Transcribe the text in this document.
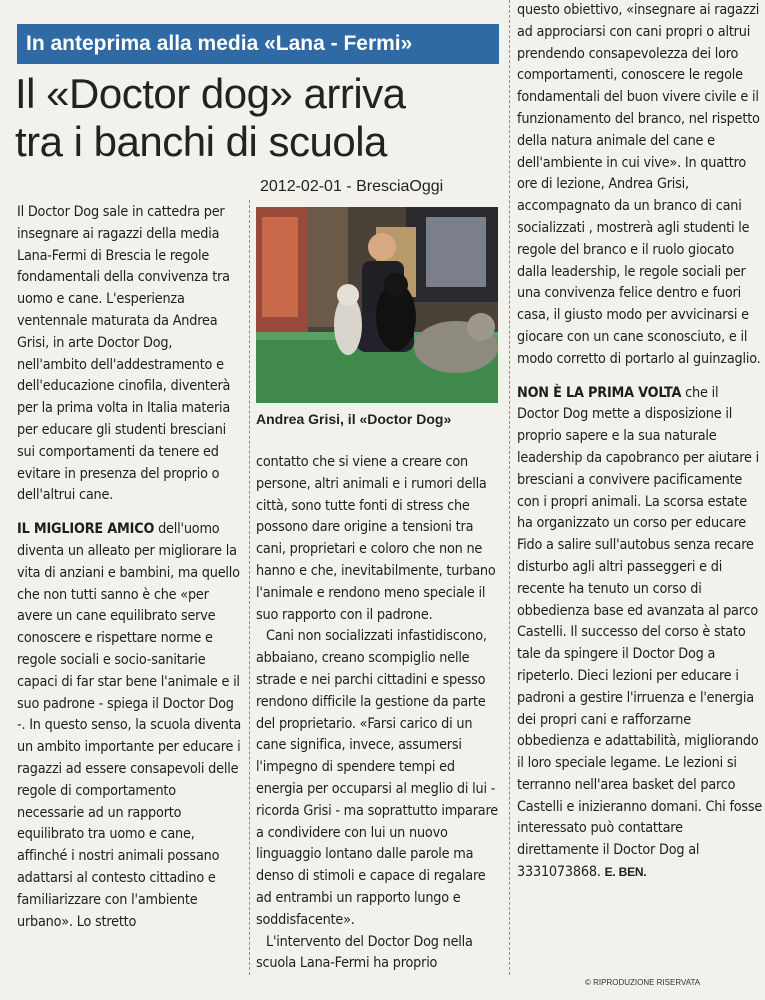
In anteprima alla media «Lana - Fermi»
Il «Doctor dog» arriva
tra i banchi di scuola
2012-02-01 - BresciaOggi

Il Doctor Dog sale in cattedra per insegnare ai ragazzi della media Lana-Fermi di Brescia le regole fondamentali della convivenza tra uomo e cane. L'esperienza ventennale maturata da Andrea Grisi, in arte Doctor Dog, nell'ambito dell'addestramento e dell'educazione cinofila, diventerà per la prima volta in Italia materia per educare gli studenti bresciani sui comportamenti da tenere ed evitare in presenza del proprio o dell'altrui cane.

IL MIGLIORE AMICO dell'uomo diventa un alleato per migliorare la vita di anziani e bambini, ma quello che non tutti sanno è che «per avere un cane equilibrato serve conoscere e rispettare norme e regole sociali e socio-sanitarie capaci di far star bene l'animale e il suo padrone - spiega il Doctor Dog -. In questo senso, la scuola diventa un ambito importante per educare i ragazzi ad essere consapevoli delle regole di comportamento necessarie ad un rapporto equilibrato tra uomo e cane, affinché i nostri animali possano adattarsi al contesto cittadino e familiarizzare con l'ambiente urbano». Lo stretto

Andrea Grisi, il «Doctor Dog»

contatto che si viene a creare con persone, altri animali e i rumori della città, sono tutte fonti di stress che possono dare origine a tensioni tra cani, proprietari e coloro che non ne hanno e che, inevitabilmente, turbano l'animale e rendono meno speciale il suo rapporto con il padrone.

Cani non socializzati infastidiscono, abbaiano, creano scompiglio nelle strade e nei parchi cittadini e spesso rendono difficile la gestione da parte del proprietario. «Farsi carico di un cane significa, invece, assumersi l'impegno di spendere tempi ed energia per occuparsi al meglio di lui - ricorda Grisi - ma soprattutto imparare a condividere con lui un nuovo linguaggio lontano dalle parole ma denso di stimoli e capace di regalare ad entrambi un rapporto lungo e soddisfacente».

L'intervento del Doctor Dog nella scuola Lana-Fermi ha proprio

questo obiettivo, «insegnare ai ragazzi ad approciarsi con cani propri o altrui prendendo consapevolezza dei loro comportamenti, conoscere le regole fondamentali del buon vivere civile e il funzionamento del branco, nel rispetto della natura animale del cane e dell'ambiente in cui vive». In quattro ore di lezione, Andrea Grisi, accompagnato da un branco di cani socializzati , mostrerà agli studenti le regole del branco e il ruolo giocato dalla leadership, le regole sociali per una convivenza felice dentro e fuori casa, il giusto modo per avvicinarsi e giocare con un cane sconosciuto, e il modo corretto di portarlo al guinzaglio.

NON È LA PRIMA VOLTA che il Doctor Dog mette a disposizione il proprio sapere e la sua naturale leadership da capobranco per aiutare i bresciani a convivere pacificamente con i propri animali. La scorsa estate ha organizzato un corso per educare Fido a salire sull'autobus senza recare disturbo agli altri passeggeri e di recente ha tenuto un corso di obbedienza base ed avanzata al parco Castelli. Il successo del corso è stato tale da spingere il Doctor Dog a ripeterlo. Dieci lezioni per educare i padroni a gestire l'irruenza e l'energia dei propri cani e rafforzarne obbedienza e adattabilità, migliorando il loro speciale legame. Le lezioni si terranno nell'area basket del parco Castelli e inizieranno domani. Chi fosse interessato può contattare direttamente il Doctor Dog al 3331073868. E. BEN.

© RIPRODUZIONE RISERVATA
